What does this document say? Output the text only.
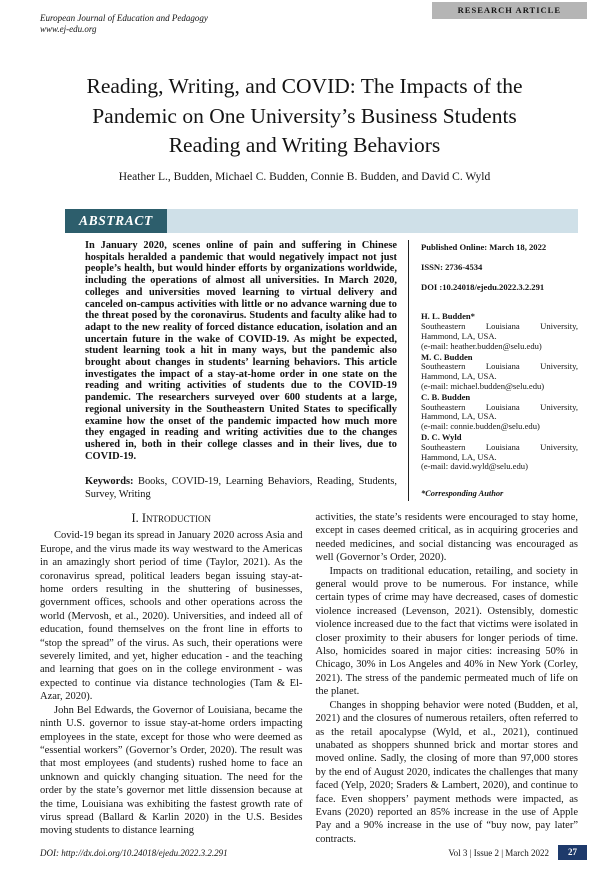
European Journal of Education and Pedagogy
www.ej-edu.org
RESEARCH ARTICLE
Reading, Writing, and COVID: The Impacts of the Pandemic on One University’s Business Students Reading and Writing Behaviors
Heather L., Budden, Michael C. Budden, Connie B. Budden, and David C. Wyld
ABSTRACT
In January 2020, scenes online of pain and suffering in Chinese hospitals heralded a pandemic that would negatively impact not just people’s health, but would hinder efforts by organizations worldwide, including the operations of almost all universities. In March 2020, colleges and universities moved learning to virtual delivery and canceled on-campus activities with little or no advance warning due to the threat posed by the coronavirus. Students and faculty alike had to adapt to the new reality of forced distance education, isolation and an uncertain future in the wake of COVID-19. As might be expected, student learning took a hit in many ways, but the pandemic also brought about changes in students’ learning behaviors. This article investigates the impact of a stay-at-home order in one state on the reading and writing activities of students due to the COVID-19 pandemic. The researchers surveyed over 600 students at a large, regional university in the Southeastern United States to specifically examine how the onset of the pandemic impacted how much more they engaged in reading and writing activities due to the changes ushered in, both in their college classes and in their lives, due to COVID-19.
Keywords: Books, COVID-19, Learning Behaviors, Reading, Students, Survey, Writing
Published Online: March 18, 2022
ISSN: 2736-4534
DOI :10.24018/ejedu.2022.3.2.291
H. L. Budden*
Southeastern Louisiana University, Hammond, LA, USA.
(e-mail: heather.budden@selu.edu)
M. C. Budden
Southeastern Louisiana University, Hammond, LA, USA.
(e-mail: michael.budden@selu.edu)
C. B. Budden
Southeastern Louisiana University, Hammond, LA, USA.
(e-mail: connie.budden@selu.edu)
D. C. Wyld
Southeastern Louisiana University, Hammond, LA, USA.
(e-mail: david.wyld@selu.edu)
*Corresponding Author
I. Introduction

Covid-19 began its spread in January 2020 across Asia and Europe, and the virus made its way westward to the Americas in an amazingly short period of time (Taylor, 2021). As the coronavirus spread, political leaders began issuing stay-at-home orders resulting in the shuttering of businesses, government offices, schools and other operations across the world (Mervosh, et al., 2020). Universities, and indeed all of education, found themselves on the front line in efforts to “stop the spread” of the virus. As such, their operations were severely limited, and yet, higher education - and the teaching and learning that goes on in the college environment - was expected to continue via distance technologies (Tam & El-Azar, 2020).

John Bel Edwards, the Governor of Louisiana, became the ninth U.S. governor to issue stay-at-home orders impacting employees in the state, except for those who were deemed as “essential workers” (Governor’s Order, 2020). The result was that most employees (and students) rushed home to face an unknown and quickly changing situation. The need for the order by the state’s governor met little dissension because at the time, Louisiana was exhibiting the fastest growth rate of virus spread (Ballard & Karlin 2020) in the U.S. Besides moving students to distance learning

activities, the state’s residents were encouraged to stay home, except in cases deemed critical, as in acquiring groceries and needed medicines, and social distancing was encouraged as well (Governor’s Order, 2020).

Impacts on traditional education, retailing, and society in general would prove to be numerous. For instance, while certain types of crime may have decreased, cases of domestic violence increased (Levenson, 2021). Ostensibly, domestic violence increased due to the fact that victims were isolated in closer proximity to their abusers for longer periods of time. Also, homicides soared in major cities: increasing 50% in Chicago, 30% in Los Angeles and 40% in New York (Corley, 2021). The stress of the pandemic permeated much of life on the planet.

Changes in shopping behavior were noted (Budden, et al, 2021) and the closures of numerous retailers, often referred to as the retail apocalypse (Wyld, et al., 2021), continued unabated as shoppers shunned brick and mortar stores and moved online. Sadly, the closing of more than 97,000 stores by the end of August 2020, indicates the challenges that many faced (Yelp, 2020; Sraders & Lambert, 2020), and continue to face. Even shoppers’ payment methods were impacted, as Evans (2020) reported an 85% increase in the use of Apple Pay and a 90% increase in the use of “buy now, pay later” contracts.

DOI: http://dx.doi.org/10.24018/ejedu.2022.3.2.291	Vol 3 | Issue 2 | March 2022	27
